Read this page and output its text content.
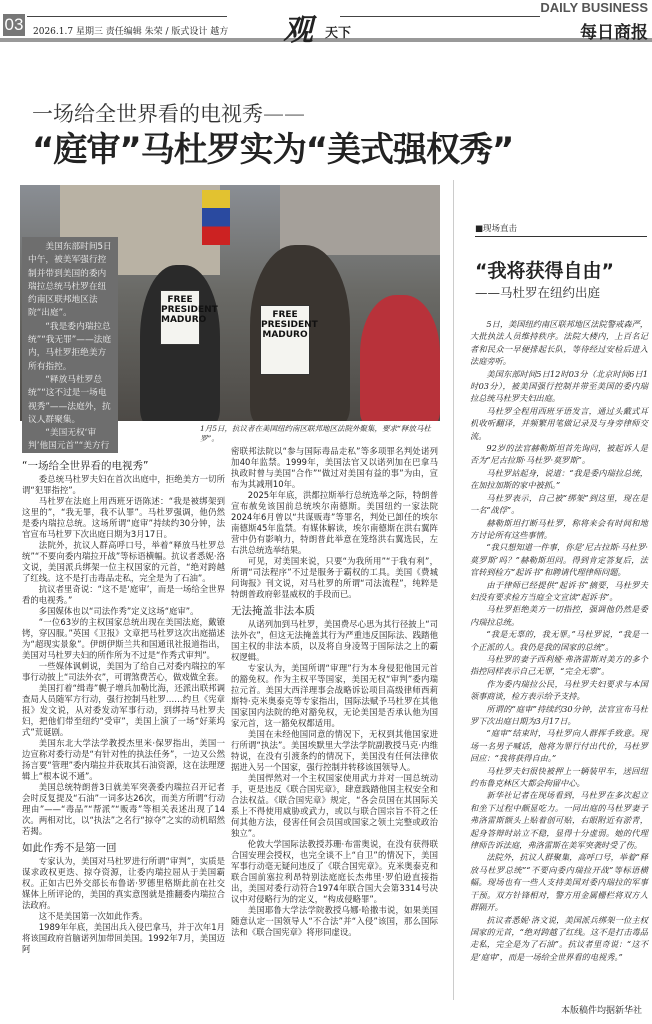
03 2026.1.7 星期三 责任编辑 朱荣 / 版式设计 越方 观 天下
DAILY BUSINESS
每日商报
一场给全世界看的电视秀——
“庭审”马杜罗实为“美式强权秀”
FREE PRESIDENT MADURO	FREE PRESIDENT MADURO

美国东部时间5日中午，被美军强行控制并带到美国的委内瑞拉总统马杜罗在纽约南区联邦地区法院“出庭”。

“我是委内瑞拉总统”“我无罪”——法庭内，马杜罗拒绝美方所有指控。

“释放马杜罗总统”“这不过是一场电视秀”——法庭外，抗议人群聚集。

“美国无权‘审判’他国元首”“美方行

1月5日，抗议者在美国纽约南区联邦地区法院外聚集，要求“释放马杜罗”。
“一场给全世界看的电视秀”

委总统马杜罗夫妇在首次出庭中，拒绝美方一切所谓“犯罪指控”。

马杜罗在法庭上用西班牙语陈述：“我是被绑架到这里的”，“我无罪，我不认罪”。马杜罗强调，他仍然是委内瑞拉总统。这场所谓“庭审”持续约30分钟，法官宣布马杜罗下次出庭日期为3月17日。

法院外，抗议人群高呼口号，举着“释放马杜罗总统”“不要向委内瑞拉开战”等标语横幅。抗议者悉妮·洛文说，美国派兵绑架一位主权国家的元首，“绝对跨越了红线。这不是打击毒品走私，完全是为了石油”。

抗议者里奇说：“这不是‘庭审’，而是一场给全世界看的电视秀。”

多国媒体也以“司法作秀”定义这场“庭审”。

“一位63岁的主权国家总统出现在美国法庭，戴镣铐，穿囚服。”英国《卫报》文章把马杜罗这次出庭描述为“超现实景象”。伊朗伊斯兰共和国通讯社报道指出，美国对马杜罗夫妇的所作所为不过是“作秀式审判”。

一些媒体讽刺说，美国为了给自己对委内瑞拉的军事行动披上“司法外衣”，可谓煞费苦心，做戏做全套。

美国打着“缉毒”幌子增兵加勒比海，还派出联邦调查局人员随军方行动，强行控制马杜罗……约旦《宪章报》发文说，从对委发动军事行动，到绑持马杜罗夫妇，把他们带至纽约“受审”，美国上演了一场“好莱坞式”荒诞剧。

美国东北大学法学教授杰里米·保罗指出，美国一边宣称对委行动是“有针对性的执法任务”，一边又公然扬言要“管理”委内瑞拉并获取其石油资源，这在法理逻辑上“根本说不通”。

美国总统特朗普3日就美军突袭委内瑞拉召开记者会时反复提及“石油”一词多达26次，而美方所谓“行动理由”——“毒品”“帮派”“贩毒”等相关表述出现了14次。两相对比，以“执法”之名行“掠夺”之实的动机昭然若揭。

如此作秀不是第一回

专家认为，美国对马杜罗进行所谓“审判”，实质是谋求政权更迭、掠夺资源，让委内瑞拉屈从于美国霸权。正如古巴外交部长布鲁诺·罗德里格斯此前在社交媒体上所评论的，美国的真实意图就是推翻委内瑞拉合法政府。

这不是美国第一次如此作秀。

1989年年底，美国出兵入侵巴拿马，并于次年1月将该国政府首脑诺列加带回美国。1992年7月，美国迈阿

密联邦法院以“参与国际毒品走私”等多项罪名判处诺列加40年监禁。1999年，美国法官又以诺列加在巴拿马执政时曾与美国“合作”“做过对美国有益的事”为由，宣布为其减刑10年。

2025年年底，洪都拉斯举行总统选举之际，特朗普宣布赦免该国前总统埃尔南德斯。美国纽约一家法院2024年6月曾以“共谋贩毒”等罪名，判处已卸任的埃尔南德斯45年监禁。有媒体解读，埃尔南德斯在洪右翼阵营中仍有影响力，特朗普此举意在笼络洪右翼选民，左右洪总统选举结果。

可见，对美国来说，只要“为我所用”“于我有利”，所谓“司法程序”不过是服务于霸权的工具。美国《费城问询报》刊文说，对马杜罗的所谓“司法流程”，纯粹是特朗普政府彰显威权的手段而已。

无法掩盖非法本质

从诺列加到马杜罗，美国费尽心思为其行径披上“司法外衣”，但这无法掩盖其行为严重违反国际法、践踏他国主权的非法本质，以及将自身凌驾于国际法之上的霸权逻辑。

专家认为，美国所谓“审理”行为本身侵犯他国元首的豁免权。作为主权平等国家，美国无权“审判”委内瑞拉元首。美国大西洋理事会战略诉讼项目高级律师西莉斯特·克米奥泰克等专家指出，国际法赋予马杜罗在其他国家国内法院的绝对豁免权，无论美国是否承认他为国家元首，这一豁免权都适用。

美国在未经他国同意的情况下，无权到其他国家进行所谓“执法”。美国埃默里大学法学院副教授马克·内维特说，在没有引渡条约的情况下，美国没有任何法律依据进入另一个国家，强行控制并转移该国领导人。

美国悍然对一个主权国家使用武力并对一国总统动手，更是违反《联合国宪章》，肆意践踏他国主权安全和合法权益。《联合国宪章》规定，“各会员国在其国际关系上不得使用威胁或武力，或以与联合国宗旨不符之任何其他方法，侵害任何会员国或国家之领土完整或政治独立”。

伦敦大学国际法教授苏珊·布雷奥说，在没有获得联合国安理会授权，也完全谈不上“自卫”的情况下，美国军事行动毫无疑问违反了《联合国宪章》。克米奥泰克和联合国前塞拉利昂特别法庭庭长杰弗里·罗伯逊直接指出，美国对委行动符合1974年联合国大会第3314号决议中对侵略行为的定义，“构成侵略罪”。

美国耶鲁大学法学院教授乌娜·哈撒韦说，如果美国随意认定一国领导人“不合法”并“入侵”该国，那么国际法和《联合国宪章》将形同虚设。

■现场直击
“我将获得自由”
——马杜罗在纽约出庭

5日，美国纽约南区联邦地区法院警戒森严，大批执法人员维持秩序。法院大楼内，上百名记者和民众一早便排起长队，等待经过安检后进入法庭旁听。

美国东部时间5日12时03分（北京时间6日1时03分），被美国强行控制并带至美国的委内瑞拉总统马杜罗夫妇出庭。

马杜罗全程用西班牙语发言，通过头戴式耳机收听翻译，并频繁用笔做记录及与身旁律师交流。

92岁的法官赫勒斯坦首先询问，被起诉人是否为“尼古拉斯·马杜罗·莫罗斯”。

马杜罗站起身，说道：“我是委内瑞拉总统，在加拉加斯的家中被抓。”

马杜罗表示，自己被“绑架”到这里，现在是一名“战俘”。

赫勒斯坦打断马杜罗，称将来会有时间和地方讨论所有这些事情。

“我只想知道一件事，你是‘尼古拉斯·马杜罗·莫罗斯’吗？”赫勒斯坦问。得到肯定答复后，法官转到检方“起诉书”和聘请代理律师问题。

由于律师已经提供“起诉书”摘要，马杜罗夫妇没有要求检方当庭全文宣读“起诉书”。

马杜罗拒绝美方一切指控，强调他仍然是委内瑞拉总统。

“我是无辜的，我无罪。”马杜罗说，“我是一个正派的人。我仍是我的国家的总统”。

马杜罗的妻子西利娅·弗洛雷斯对美方的多个指控同样表示自己无罪，“完全无辜”。

作为委内瑞拉公民，马杜罗夫妇要求与本国领事商谈，检方表示给予支持。

所谓的“庭审”持续约30分钟，法官宣布马杜罗下次出庭日期为3月17日。

“庭审”结束时，马杜罗向人群挥手致意。现场一名男子喊话，他将为罪行付出代价，马杜罗回应：“我将获得自由。”

马杜罗夫妇很快被押上一辆装甲车，送回纽约布鲁克林区大都会拘留中心。

新华社记者在现场看到，马杜罗在多次起立和坐下过程中颇显吃力。一同出庭的马杜罗妻子弗洛雷斯额头上贴着创可贴，右眼附近有淤青，起身答辩时站立不稳，显得十分虚弱。她的代理律师告诉法庭，弗洛雷斯在美军突袭时受了伤。

法院外，抗议人群聚集，高呼口号，举着“释放马杜罗总统”“不要向委内瑞拉开战”等标语横幅。现场也有一些人支持美国对委内瑞拉的军事干预。双方针锋相对，警方用金属栅栏将双方人群隔开。

抗议者悉妮·洛文说，美国派兵绑架一位主权国家的元首，“绝对跨越了红线。这不是打击毒品走私，完全是为了石油”。抗议者里奇说：“这不是‘庭审’，而是一场给全世界看的电视秀。”

本版稿件均据新华社
